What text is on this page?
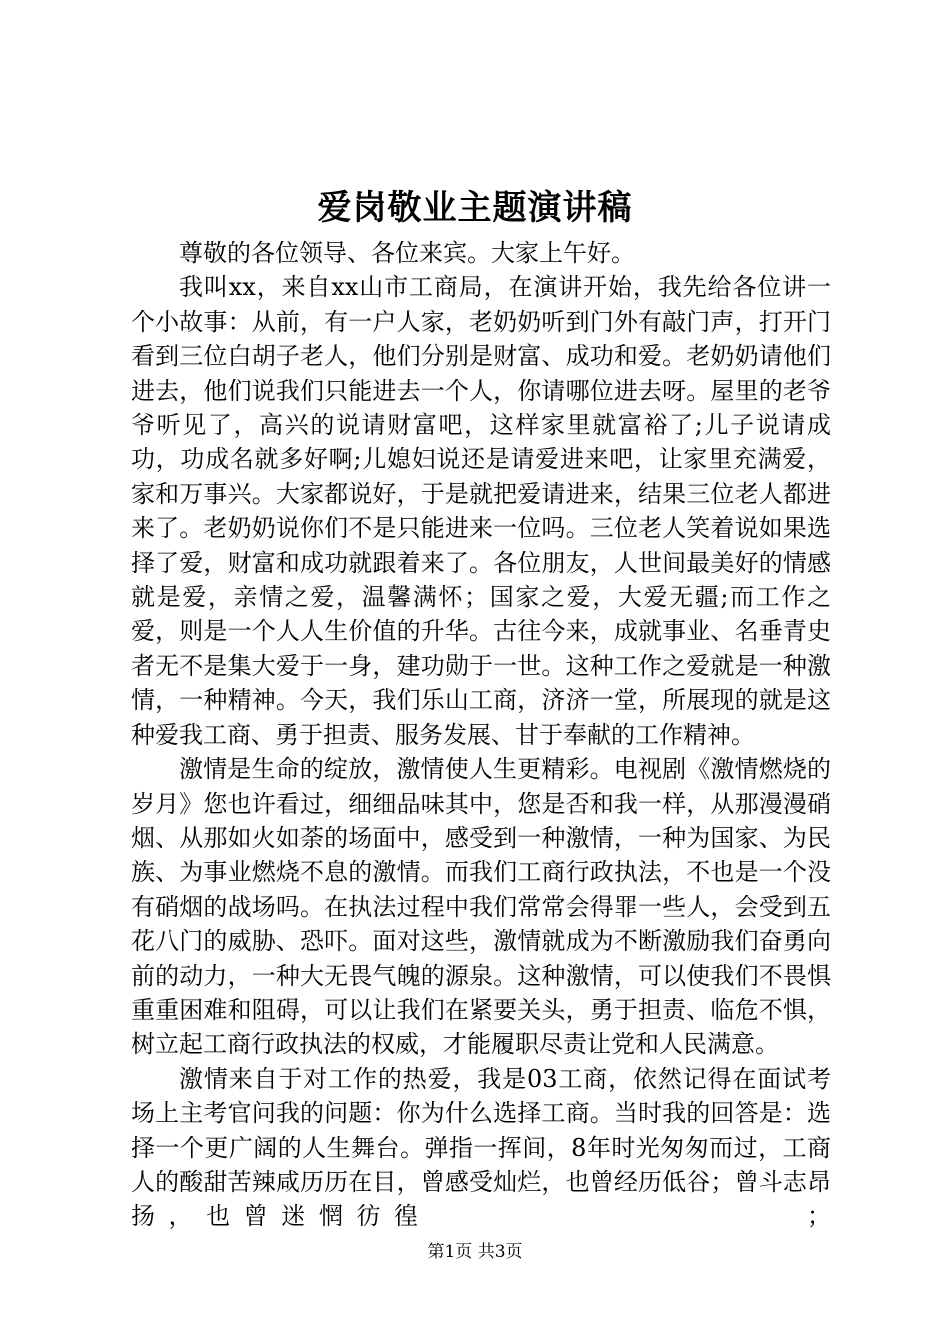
爱岗敬业主题演讲稿

尊敬的各位领导、各位来宾。大家上午好。

我叫xx，来自xx山市工商局，在演讲开始，我先给各位讲一个小故事：从前，有一户人家，老奶奶听到门外有敲门声，打开门看到三位白胡子老人，他们分别是财富、成功和爱。老奶奶请他们进去，他们说我们只能进去一个人，你请哪位进去呀。屋里的老爷爷听见了，高兴的说请财富吧，这样家里就富裕了;儿子说请成功，功成名就多好啊;儿媳妇说还是请爱进来吧，让家里充满爱，家和万事兴。大家都说好，于是就把爱请进来，结果三位老人都进来了。老奶奶说你们不是只能进来一位吗。三位老人笑着说如果选择了爱，财富和成功就跟着来了。各位朋友，人世间最美好的情感就是爱，亲情之爱，温馨满怀；国家之爱，大爱无疆;而工作之爱，则是一个人人生价值的升华。古往今来，成就事业、名垂青史者无不是集大爱于一身，建功勋于一世。这种工作之爱就是一种激情，一种精神。今天，我们乐山工商，济济一堂，所展现的就是这种爱我工商、勇于担责、服务发展、甘于奉献的工作精神。

激情是生命的绽放，激情使人生更精彩。电视剧《激情燃烧的岁月》您也许看过，细细品味其中，您是否和我一样，从那漫漫硝烟、从那如火如荼的场面中，感受到一种激情，一种为国家、为民族、为事业燃烧不息的激情。而我们工商行政执法，不也是一个没有硝烟的战场吗。在执法过程中我们常常会得罪一些人，会受到五花八门的威胁、恐吓。面对这些，激情就成为不断激励我们奋勇向前的动力，一种大无畏气魄的源泉。这种激情，可以使我们不畏惧重重困难和阻碍，可以让我们在紧要关头，勇于担责、临危不惧，树立起工商行政执法的权威，才能履职尽责让党和人民满意。

激情来自于对工作的热爱，我是03工商，依然记得在面试考场上主考官问我的问题：你为什么选择工商。当时我的回答是：选择一个更广阔的人生舞台。弹指一挥间，8年时光匆匆而过，工商人的酸甜苦辣咸历历在目，曾感受灿烂，也曾经历低谷；曾斗志昂扬，也曾迷惘彷徨　　　　　　　　　　；

第1页 共3页
